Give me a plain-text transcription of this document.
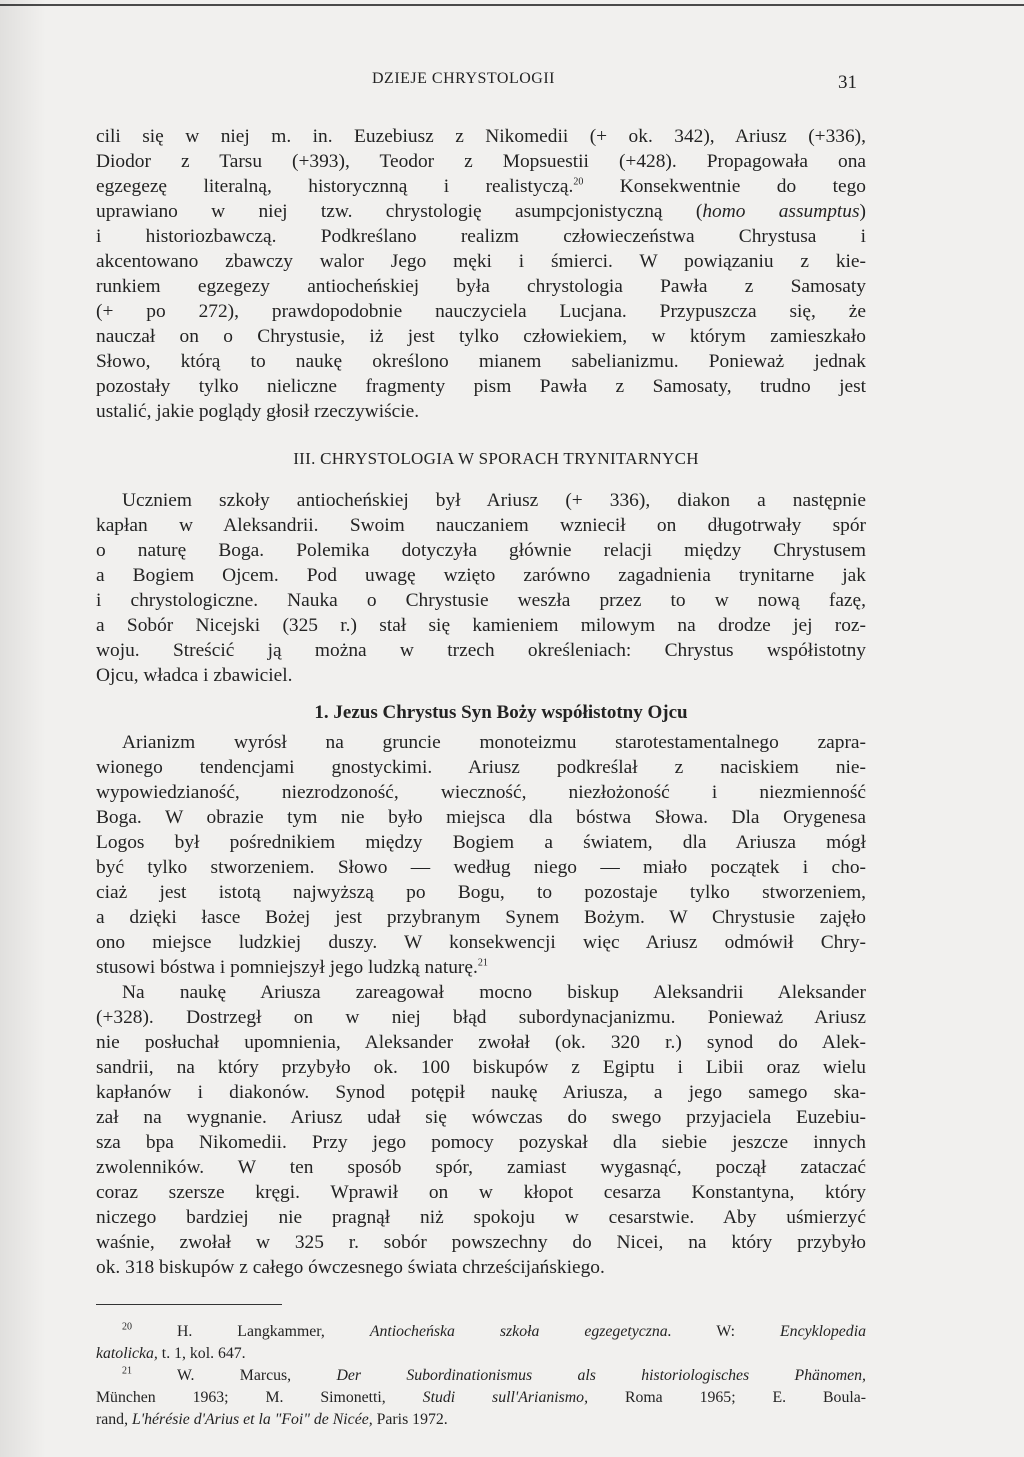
DZIEJE CHRYSTOLOGII	31
cili się w niej m. in. Euzebiusz z Nikomedii (+ ok. 342), Ariusz (+336),
Diodor z Tarsu (+393), Teodor z Mopsuestii (+428). Propagowała ona
egzegezę literalną, historycznną i realistyczą.$^{20}$ Konsekwentnie do tego
uprawiano w niej tzw. chrystologię asumpcjonistyczną (homo assumptus)
i historiozbawczą. Podkreślano realizm człowieczeństwa Chrystusa i
akcentowano zbawczy walor Jego męki i śmierci. W powiązaniu z kie-
runkiem egzegezy antiocheńskiej była chrystologia Pawła z Samosaty
(+ po 272), prawdopodobnie nauczyciela Lucjana. Przypuszcza się, że
nauczał on o Chrystusie, iż jest tylko człowiekiem, w którym zamieszkało
Słowo, którą to naukę określono mianem sabelianizmu. Ponieważ jednak
pozostały tylko nieliczne fragmenty pism Pawła z Samosaty, trudno jest
ustalić, jakie poglądy głosił rzeczywiście.
III. CHRYSTOLOGIA W SPORACH TRYNITARNYCH
Uczniem szkoły antiocheńskiej był Ariusz (+ 336), diakon a następnie
kapłan w Aleksandrii. Swoim nauczaniem wzniecił on długotrwały spór
o naturę Boga. Polemika dotyczyła głównie relacji między Chrystusem
a Bogiem Ojcem. Pod uwagę wzięto zarówno zagadnienia trynitarne jak
i chrystologiczne. Nauka o Chrystusie weszła przez to w nową fazę,
a Sobór Nicejski (325 r.) stał się kamieniem milowym na drodze jej roz-
woju. Streścić ją można w trzech określeniach: Chrystus współistotny
Ojcu, władca i zbawiciel.
1. Jezus Chrystus Syn Boży współistotny Ojcu
Arianizm wyrósł na gruncie monoteizmu starotestamentalnego zapra-
wionego tendencjami gnostyckimi. Ariusz podkreślał z naciskiem nie-
wypowiedzianość, niezrodzoność, wieczność, niezłożoność i niezmienność
Boga. W obrazie tym nie było miejsca dla bóstwa Słowa. Dla Orygenesa
Logos był pośrednikiem między Bogiem a światem, dla Ariusza mógł
być tylko stworzeniem. Słowo — według niego — miało początek i cho-
ciaż jest istotą najwyższą po Bogu, to pozostaje tylko stworzeniem,
a dzięki łasce Bożej jest przybranym Synem Bożym. W Chrystusie zajęło
ono miejsce ludzkiej duszy. W konsekwencji więc Ariusz odmówił Chry-
stusowi bóstwa i pomniejszył jego ludzką naturę.$^{21}$
Na naukę Ariusza zareagował mocno biskup Aleksandrii Aleksander
(+328). Dostrzegł on w niej błąd subordynacjanizmu. Ponieważ Ariusz
nie posłuchał upomnienia, Aleksander zwołał (ok. 320 r.) synod do Alek-
sandrii, na który przybyło ok. 100 biskupów z Egiptu i Libii oraz wielu
kapłanów i diakonów. Synod potępił naukę Ariusza, a jego samego ska-
zał na wygnanie. Ariusz udał się wówczas do swego przyjaciela Euzebiu-
sza bpa Nikomedii. Przy jego pomocy pozyskał dla siebie jeszcze innych
zwolenników. W ten sposób spór, zamiast wygasnąć, począł zataczać
coraz szersze kręgi. Wprawił on w kłopot cesarza Konstantyna, który
niczego bardziej nie pragnął niż spokoju w cesarstwie. Aby uśmierzyć
waśnie, zwołał w 325 r. sobór powszechny do Nicei, na który przybyło
ok. 318 biskupów z całego ówczesnego świata chrześcijańskiego.
$^{20}$ H. Langkammer, Antiocheńska szkoła egzegetyczna. W: Encyklopedia
katolicka, t. 1, kol. 647.
$^{21}$ W. Marcus, Der Subordinationismus als historiologisches Phänomen,
München 1963; M. Simonetti, Studi sull'Arianismo, Roma 1965; E. Boula-
rand, L'hérésie d'Arius et la "Foi" de Nicée, Paris 1972.
